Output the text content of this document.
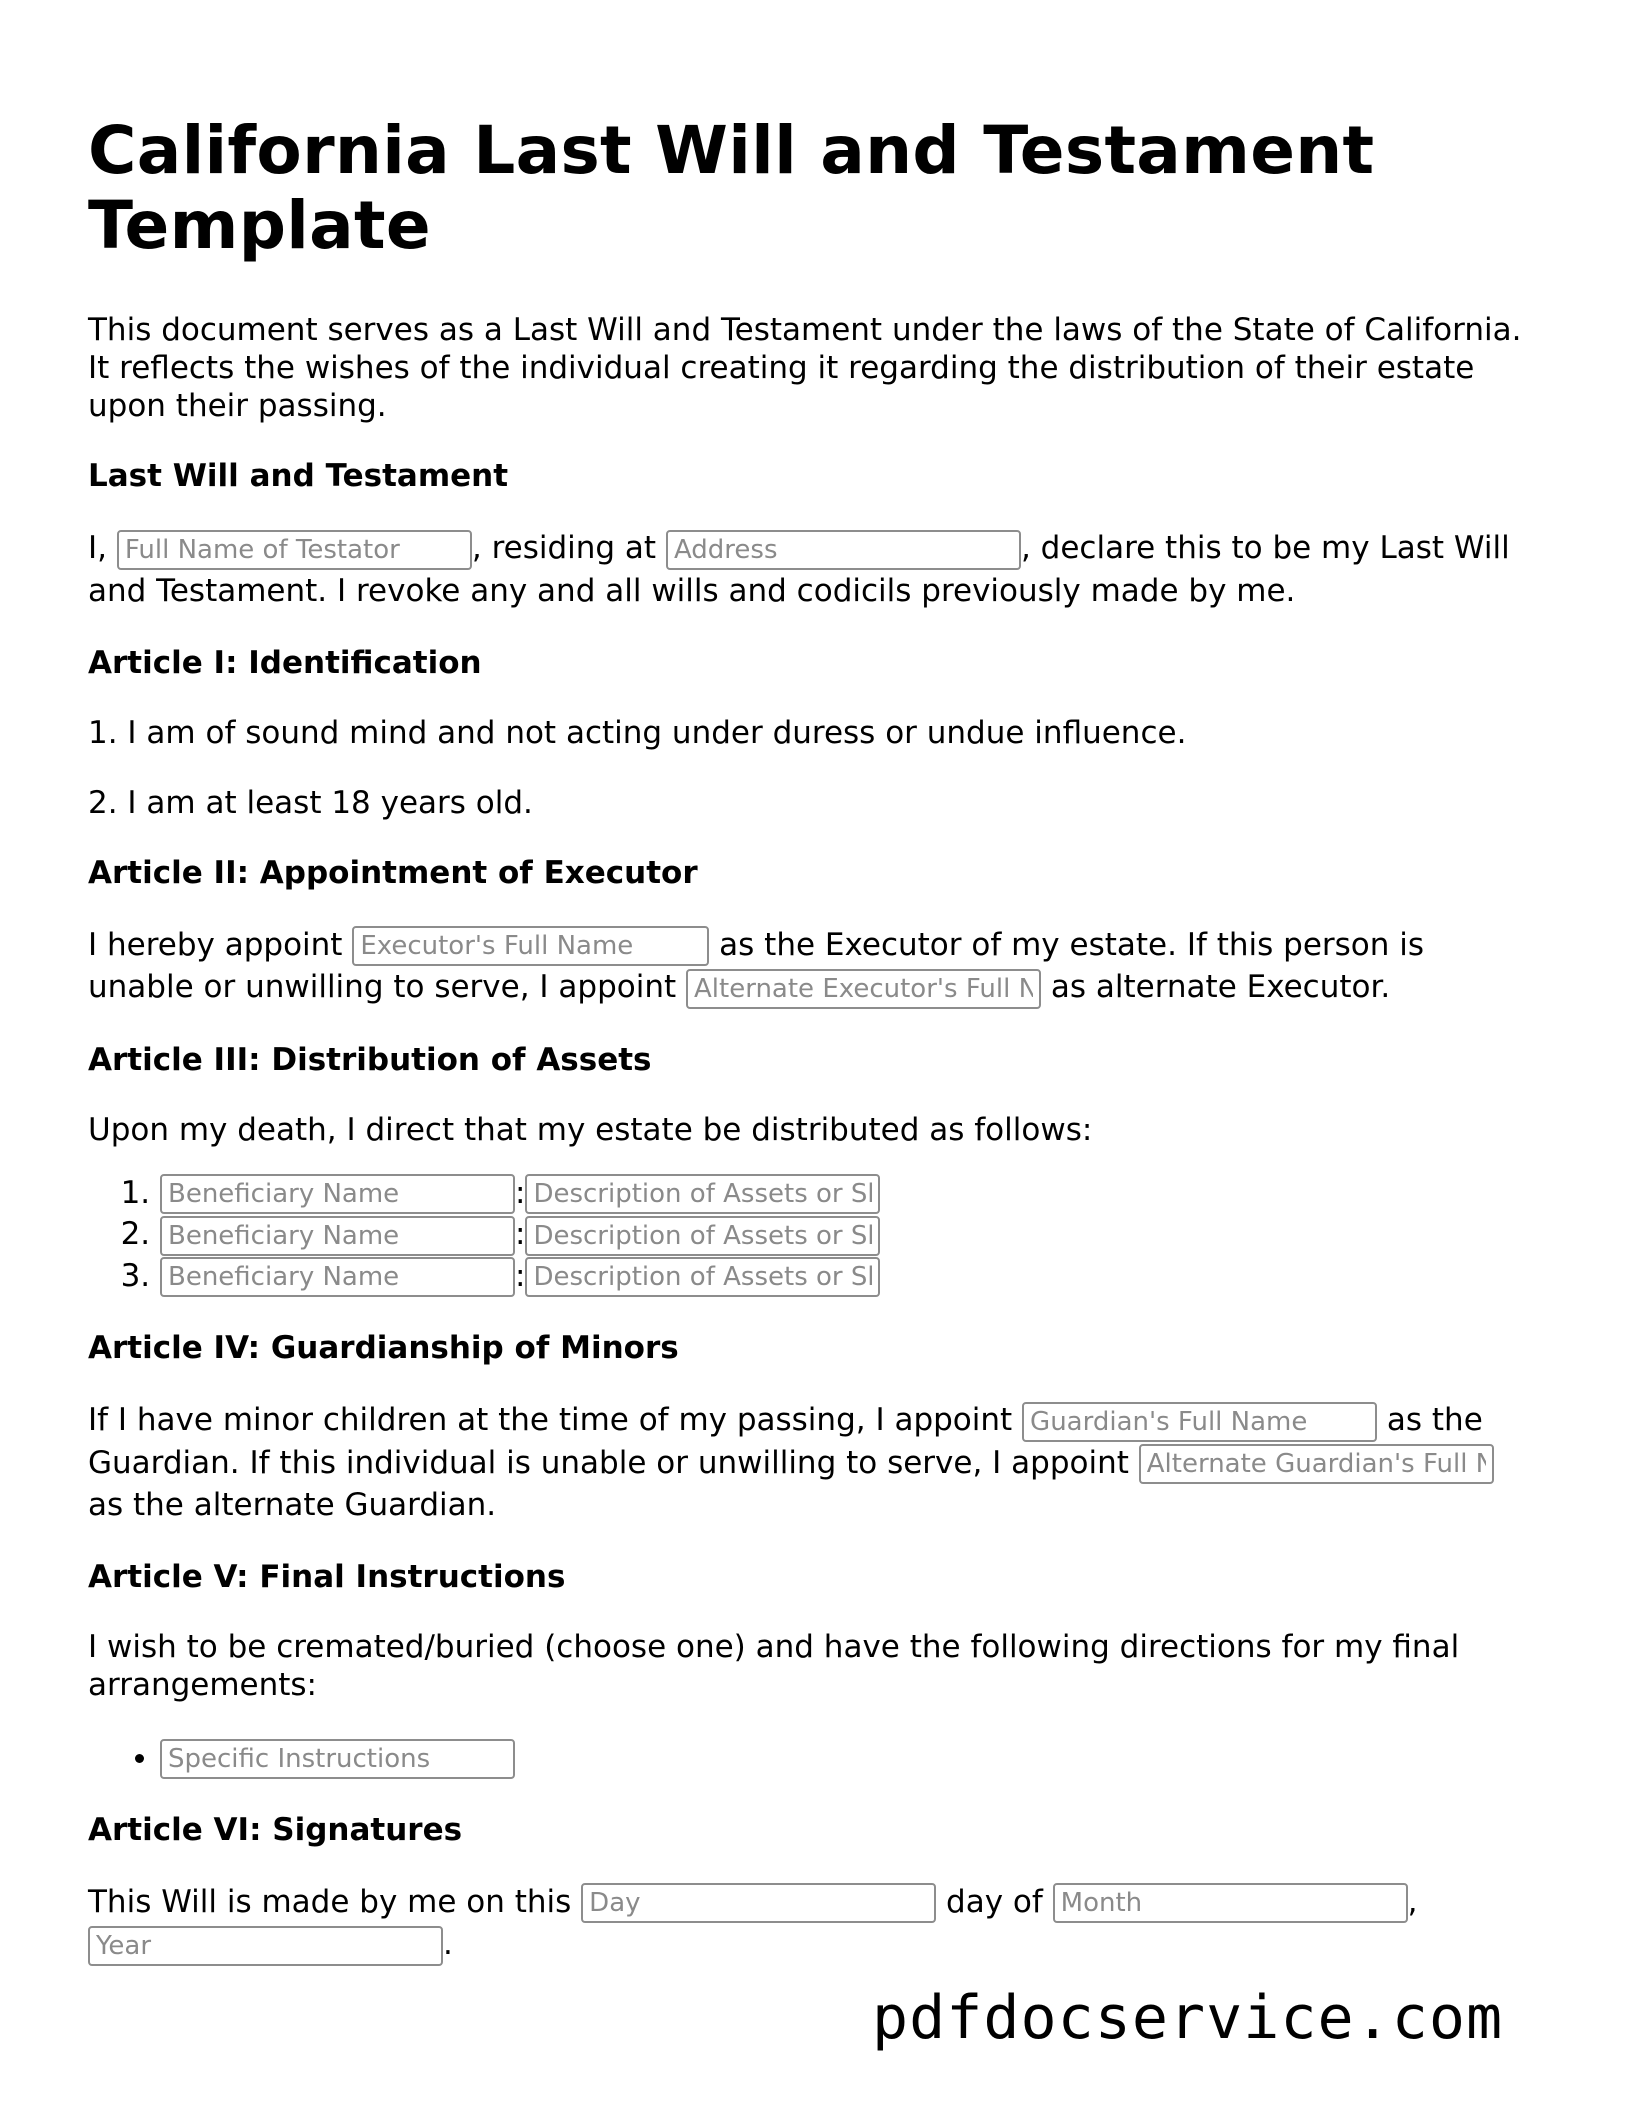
California Last Will and Testament Template

This document serves as a Last Will and Testament under the laws of the State of California. It reflects the wishes of the individual creating it regarding the distribution of their estate upon their passing.

Last Will and Testament

I, Full Name of Testator	, residing at Address	, declare this to be my Last Will and Testament. I revoke any and all wills and codicils previously made by me.

Article I: Identification

1. I am of sound mind and not acting under duress or undue influence.

2. I am at least 18 years old.

Article II: Appointment of Executor

I hereby appoint Executor's Full Name	as the Executor of my estate. If this person is unable or unwilling to serve, I appoint Alternate Executor's Full Name	as alternate Executor.

Article III: Distribution of Assets

Upon my death, I direct that my estate be distributed as follows:

Beneficiary Name 1. :Description of Assets or Share
Beneficiary Name 2. :Description of Assets or Share
Beneficiary Name 3. :Description of Assets or Share
Article IV: Guardianship of Minors

If I have minor children at the time of my passing, I appoint Guardian's Full Name	as the Guardian. If this individual is unable or unwilling to serve, I appoint Alternate Guardian's Full Name as the alternate Guardian.

Article V: Final Instructions

I wish to be cremated/buried (choose one) and have the following directions for my final arrangements:

• Specific Instructions
Article VI: Signatures

This Will is made by me on this Day	day of Month	,Year.

pdfdocservice.com
